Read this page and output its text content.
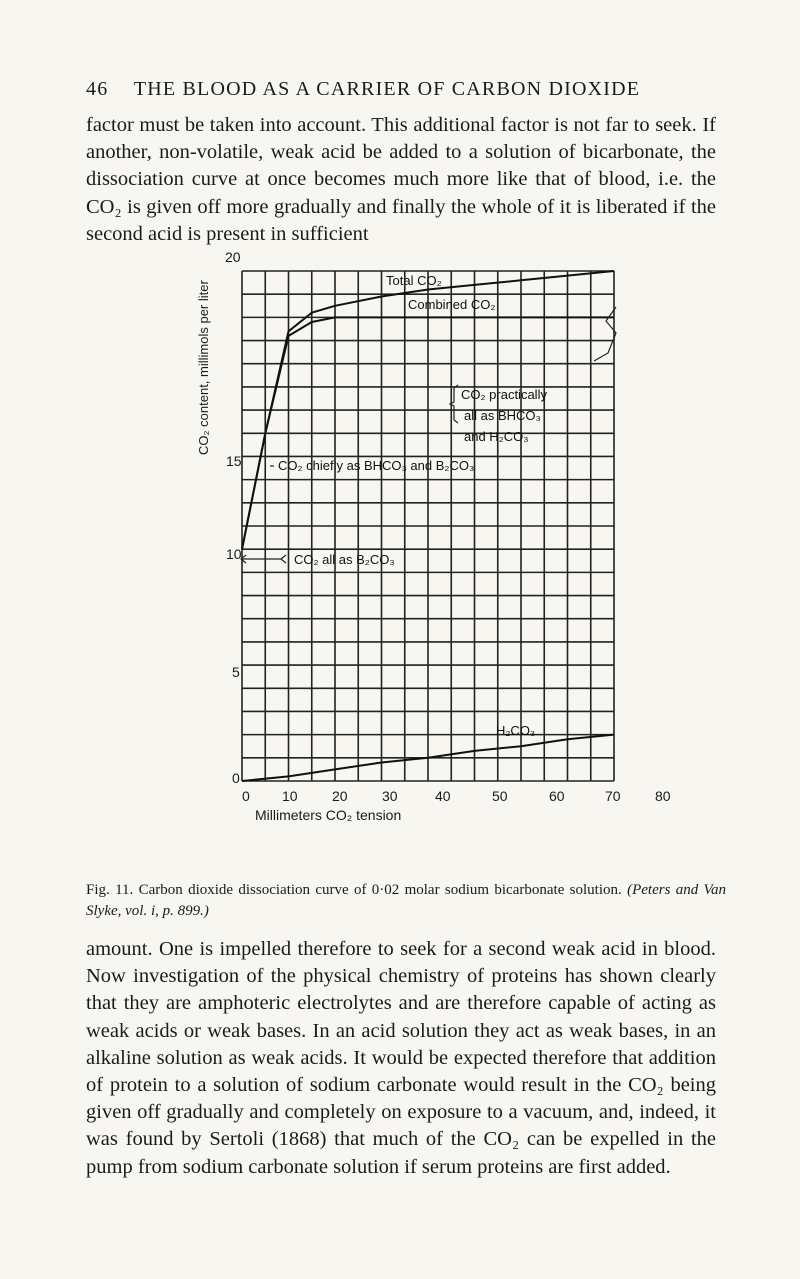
46 THE BLOOD AS A CARRIER OF CARBON DIOXIDE
factor must be taken into account. This additional factor is not far to seek. If another, non-volatile, weak acid be added to a solution of bicarbonate, the dissociation curve at once becomes much more like that of blood, i.e. the CO₂ is given off more gradually and finally the whole of it is liberated if the second acid is present in sufficient
CO₂ content, millimols per liter
20
15
10
5
0
Total CO₂
Combined CO₂
CO₂ practically
all as BHCO₃
and H₂CO₃
CO₂ chiefly as BHCO₃ and B₂CO₃
CO₂ all as B₂CO₃
H₂CO₃
0 10 20 30	40	50	60	70 80
Millimeters CO₂ tension
Fig. 11. Carbon dioxide dissociation curve of 0·02 molar sodium bicarbonate solution. (Peters and Van Slyke, vol. i, p. 899.)
amount. One is impelled therefore to seek for a second weak acid in blood. Now investigation of the physical chemistry of proteins has shown clearly that they are amphoteric electrolytes and are therefore capable of acting as weak acids or weak bases. In an acid solution they act as weak bases, in an alkaline solution as weak acids. It would be expected therefore that addition of protein to a solution of sodium carbonate would result in the CO₂ being given off gradually and completely on exposure to a vacuum, and, indeed, it was found by Sertoli (1868) that much of the CO₂ can be expelled in the pump from sodium carbonate solution if serum proteins are first added.
